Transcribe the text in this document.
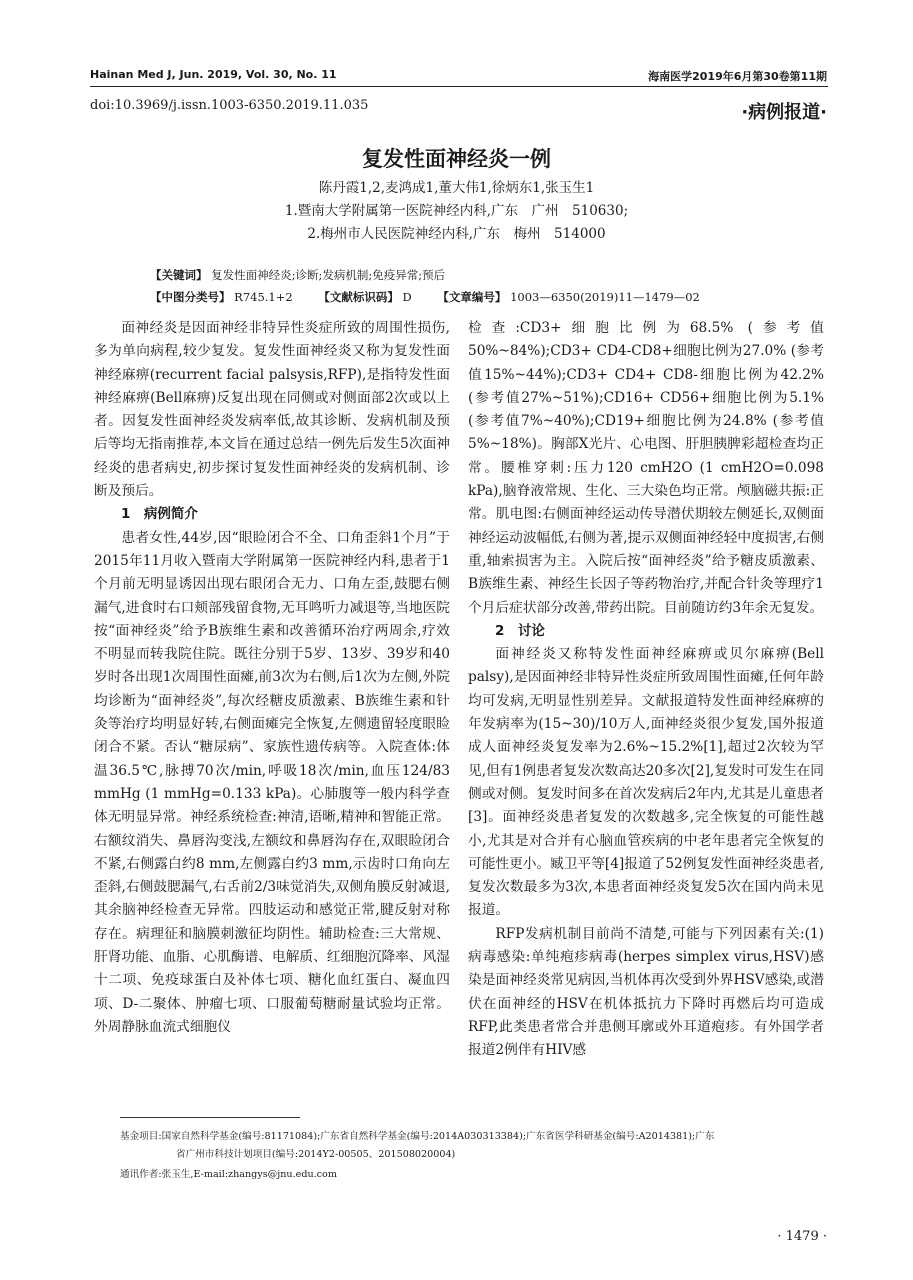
Hainan Med J, Jun. 2019, Vol. 30, No. 11	海南医学2019年6月第30卷第11期
doi:10.3969/j.issn.1003-6350.2019.11.035	·病例报道·
复发性面神经炎一例
陈丹霞1,2,麦鸿成1,董大伟1,徐炳东1,张玉生1
1.暨南大学附属第一医院神经内科,广东　广州　510630;
2.梅州市人民医院神经内科,广东　梅州　514000
【关键词】 复发性面神经炎;诊断;发病机制;免疫异常;预后
【中图分类号】 R745.1+2 【文献标识码】 D 【文章编号】 1003—6350(2019)11—1479—02

面神经炎是因面神经非特异性炎症所致的周围性损伤,多为单向病程,较少复发。复发性面神经炎又称为复发性面神经麻痹(recurrent facial palsysis,RFP),是指特发性面神经麻痹(Bell麻痹)反复出现在同侧或对侧面部2次或以上者。因复发性面神经炎发病率低,故其诊断、发病机制及预后等均无指南推荐,本文旨在通过总结一例先后发生5次面神经炎的患者病史,初步探讨复发性面神经炎的发病机制、诊断及预后。

1　病例简介

患者女性,44岁,因“眼睑闭合不全、口角歪斜1个月”于2015年11月收入暨南大学附属第一医院神经内科,患者于1个月前无明显诱因出现右眼闭合无力、口角左歪,鼓腮右侧漏气,进食时右口颊部残留食物,无耳鸣听力减退等,当地医院按“面神经炎”给予B族维生素和改善循环治疗两周余,疗效不明显而转我院住院。既往分别于5岁、13岁、39岁和40岁时各出现1次周围性面瘫,前3次为右侧,后1次为左侧,外院均诊断为“面神经炎”,每次经糖皮质激素、B族维生素和针灸等治疗均明显好转,右侧面瘫完全恢复,左侧遗留轻度眼睑闭合不紧。否认“糖尿病”、家族性遗传病等。入院查体:体温36.5℃,脉搏70次/min,呼吸18次/min,血压124/83 mmHg (1 mmHg=0.133 kPa)。心肺腹等一般内科学查体无明显异常。神经系统检查:神清,语晰,精神和智能正常。右额纹消失、鼻唇沟变浅,左额纹和鼻唇沟存在,双眼睑闭合不紧,右侧露白约8 mm,左侧露白约3 mm,示齿时口角向左歪斜,右侧鼓腮漏气,右舌前2/3味觉消失,双侧角膜反射减退,其余脑神经检查无异常。四肢运动和感觉正常,腱反射对称存在。病理征和脑膜刺激征均阴性。辅助检查:三大常规、肝肾功能、血脂、心肌酶谱、电解质、红细胞沉降率、风湿十二项、免疫球蛋白及补体七项、糖化血红蛋白、凝血四项、D-二聚体、肿瘤七项、口服葡萄糖耐量试验均正常。外周静脉血流式细胞仪

检查:CD3+细胞比例为68.5% (参考值50%~84%);CD3+ CD4-CD8+细胞比例为27.0% (参考值15%~44%);CD3+ CD4+ CD8-细胞比例为42.2% (参考值27%~51%);CD16+ CD56+细胞比例为5.1% (参考值7%~40%);CD19+细胞比例为24.8% (参考值5%~18%)。胸部X光片、心电图、肝胆胰脾彩超检查均正常。腰椎穿刺:压力120 cmH2O (1 cmH2O=0.098 kPa),脑脊液常规、生化、三大染色均正常。颅脑磁共振:正常。肌电图:右侧面神经运动传导潜伏期较左侧延长,双侧面神经运动波幅低,右侧为著,提示双侧面神经轻中度损害,右侧重,轴索损害为主。入院后按“面神经炎”给予糖皮质激素、B族维生素、神经生长因子等药物治疗,并配合针灸等理疗1个月后症状部分改善,带药出院。目前随访约3年余无复发。

2　讨论

面神经炎又称特发性面神经麻痹或贝尔麻痹(Bell palsy),是因面神经非特异性炎症所致周围性面瘫,任何年龄均可发病,无明显性别差异。文献报道特发性面神经麻痹的年发病率为(15~30)/10万人,面神经炎很少复发,国外报道成人面神经炎复发率为2.6%~15.2%[1],超过2次较为罕见,但有1例患者复发次数高达20多次[2],复发时可发生在同侧或对侧。复发时间多在首次发病后2年内,尤其是儿童患者[3]。面神经炎患者复发的次数越多,完全恢复的可能性越小,尤其是对合并有心脑血管疾病的中老年患者完全恢复的可能性更小。臧卫平等[4]报道了52例复发性面神经炎患者,复发次数最多为3次,本患者面神经炎复发5次在国内尚未见报道。

RFP发病机制目前尚不清楚,可能与下列因素有关:(1)病毒感染:单纯疱疹病毒(herpes simplex virus,HSV)感染是面神经炎常见病因,当机体再次受到外界HSV感染,或潜伏在面神经的HSV在机体抵抗力下降时再燃后均可造成RFP,此类患者常合并患侧耳廓或外耳道疱疹。有外国学者报道2例伴有HIV感

基金项目:国家自然科学基金(编号:81171084);广东省自然科学基金(编号:2014A030313384);广东省医学科研基金(编号:A2014381);广东
省广州市科技计划项目(编号:2014Y2-00505、201508020004)
通讯作者:张玉生,E-mail:zhangys@jnu.edu.com
· 1479 ·
